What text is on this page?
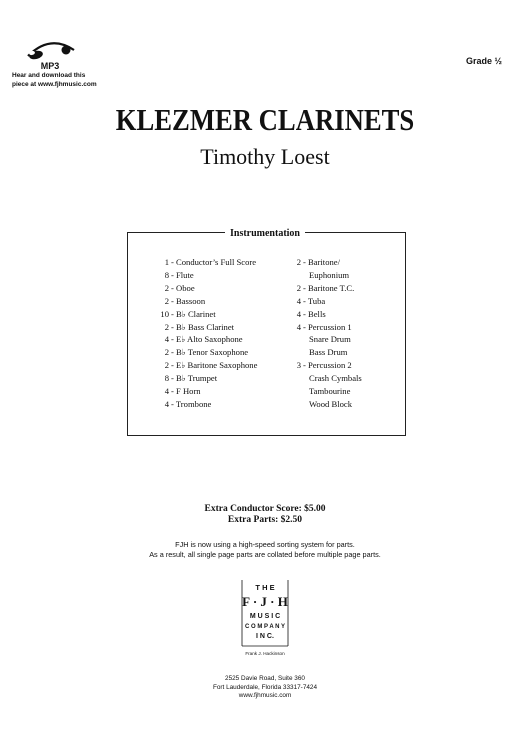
MP3
Hear and download this
piece at www.fjhmusic.com
Grade ½
KLEZMER CLARINETS
Timothy Loest
Instrumentation
1 - Conductor’s Full Score
8 - Flute
2 - Oboe
2 - Bassoon
10 - B♭ Clarinet
2 - B♭ Bass Clarinet
4 - E♭ Alto Saxophone
2 - B♭ Tenor Saxophone
2 - E♭ Baritone Saxophone
8 - B♭ Trumpet
4 - F Horn
4 - Trombone
2 - Baritone/
Euphonium
2 - Baritone T.C.
4 - Tuba
4 - Bells
4 - Percussion 1
Snare Drum
Bass Drum
3 - Percussion 2
Crash Cymbals
Tambourine
Wood Block
Extra Conductor Score: $5.00
Extra Parts: $2.50
FJH is now using a high-speed sorting system for parts.
As a result, all single page parts are collated before multiple page parts.
T H E
F · J · H
M U S I C
C O M P A N Y
I N C.
Frank J. Hackinson
2525 Davie Road, Suite 360
Fort Lauderdale, Florida 33317-7424
www.fjhmusic.com
